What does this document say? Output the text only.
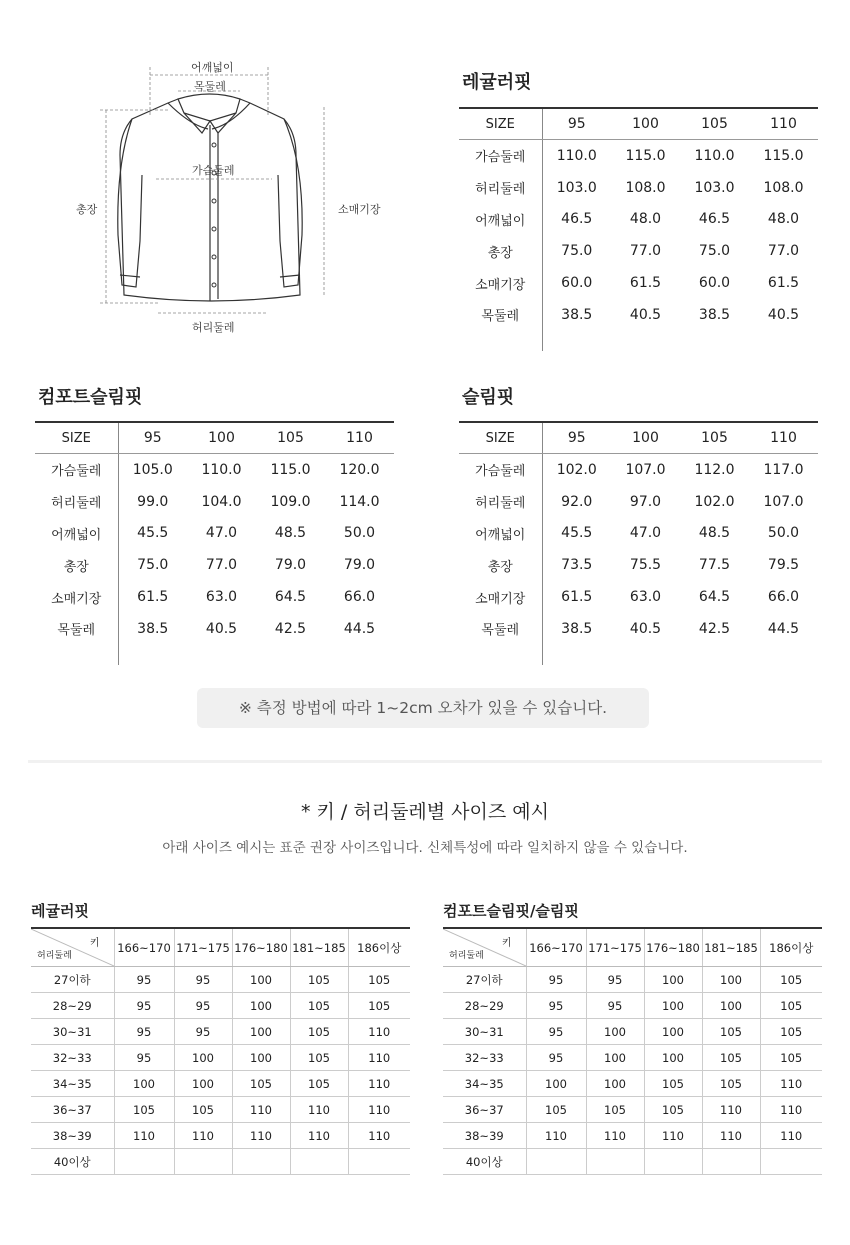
어깨넓이
목둘레
가슴둘레
총장	소매기장
허리둘레
레귤러핏
SIZE	95	100	105	110
가슴둘레	110.0	115.0	110.0	115.0
허리둘레	103.0	108.0	103.0	108.0
어깨넓이	46.5	48.0	46.5	48.0
총장	75.0	77.0	75.0	77.0
소매기장	60.0	61.5	60.0	61.5
목둘레	38.5	40.5	38.5	40.5

컴포트슬림핏
SIZE	95	100	105	110
가슴둘레	105.0	110.0	115.0	120.0
허리둘레	99.0	104.0	109.0	114.0
어깨넓이	45.5	47.0	48.5	50.0
총장	75.0	77.0	79.0	79.0
소매기장	61.5	63.0	64.5	66.0
목둘레	38.5	40.5	42.5	44.5

슬림핏
SIZE	95	100	105	110
가슴둘레	102.0	107.0	112.0	117.0
허리둘레	92.0	97.0	102.0	107.0
어깨넓이	45.5	47.0	48.5	50.0
총장	73.5	75.5	77.5	79.5
소매기장	61.5	63.0	64.5	66.0
목둘레	38.5	40.5	42.5	44.5

※ 측정 방법에 따라 1~2cm 오차가 있을 수 있습니다.
* 키 / 허리둘레별 사이즈 예시
아래 사이즈 예시는 표준 권장 사이즈입니다. 신체특성에 따라 일치하지 않을 수 있습니다.
레귤러핏
키
허리둘레	166~170	171~175	176~180	181~185	186이상
27이하	95	95	100	105	105
28~29	95	95	100	105	105
30~31	95	95	100	105	110
32~33	95	100	100	105	110
34~35	100	100	105	105	110
36~37	105	105	110	110	110
38~39	110	110	110	110	110
40이상					
컴포트슬림핏/슬림핏
키
허리둘레	166~170	171~175	176~180	181~185	186이상
27이하	95	95	100	100	105
28~29	95	95	100	100	105
30~31	95	100	100	105	105
32~33	95	100	100	105	105
34~35	100	100	105	105	110
36~37	105	105	105	110	110
38~39	110	110	110	110	110
40이상					
